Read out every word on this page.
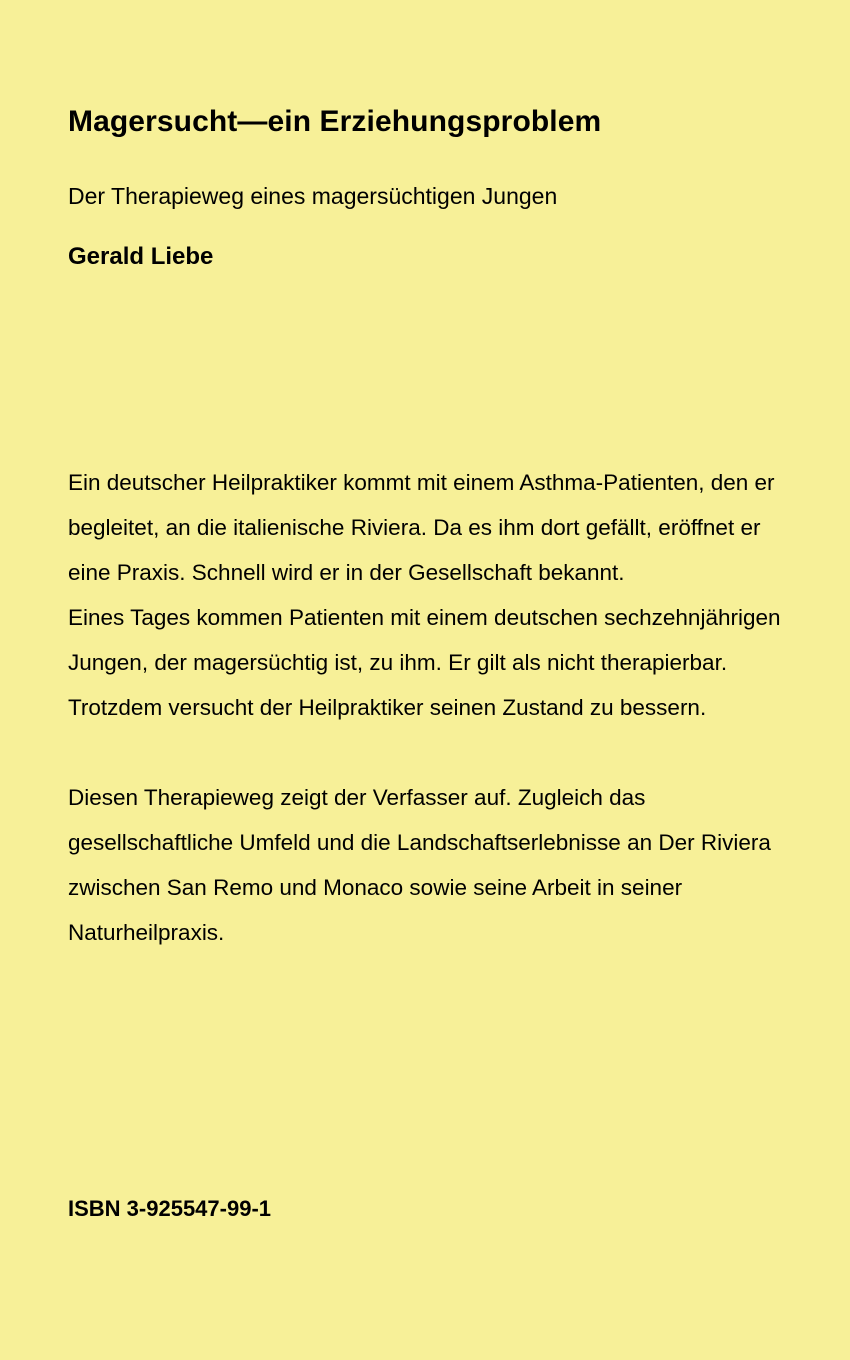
Magersucht—ein Erziehungsproblem
Der Therapieweg eines magersüchtigen Jungen
Gerald Liebe

Ein deutscher Heilpraktiker kommt mit einem Asthma-Patienten, den er begleitet, an die italienische Riviera. Da es ihm dort gefällt, eröffnet er eine Praxis. Schnell wird er in der Gesellschaft bekannt.

Eines Tages kommen Patienten mit einem deutschen sechzehnjährigen Jungen, der magersüchtig ist, zu ihm. Er gilt als nicht therapierbar. Trotzdem versucht der Heilpraktiker seinen Zustand zu bessern.

Diesen Therapieweg zeigt der Verfasser auf. Zugleich das gesellschaftliche Umfeld und die Landschaftserlebnisse an Der Riviera zwischen San Remo und Monaco sowie seine Arbeit in seiner Naturheilpraxis.

ISBN 3-925547-99-1
